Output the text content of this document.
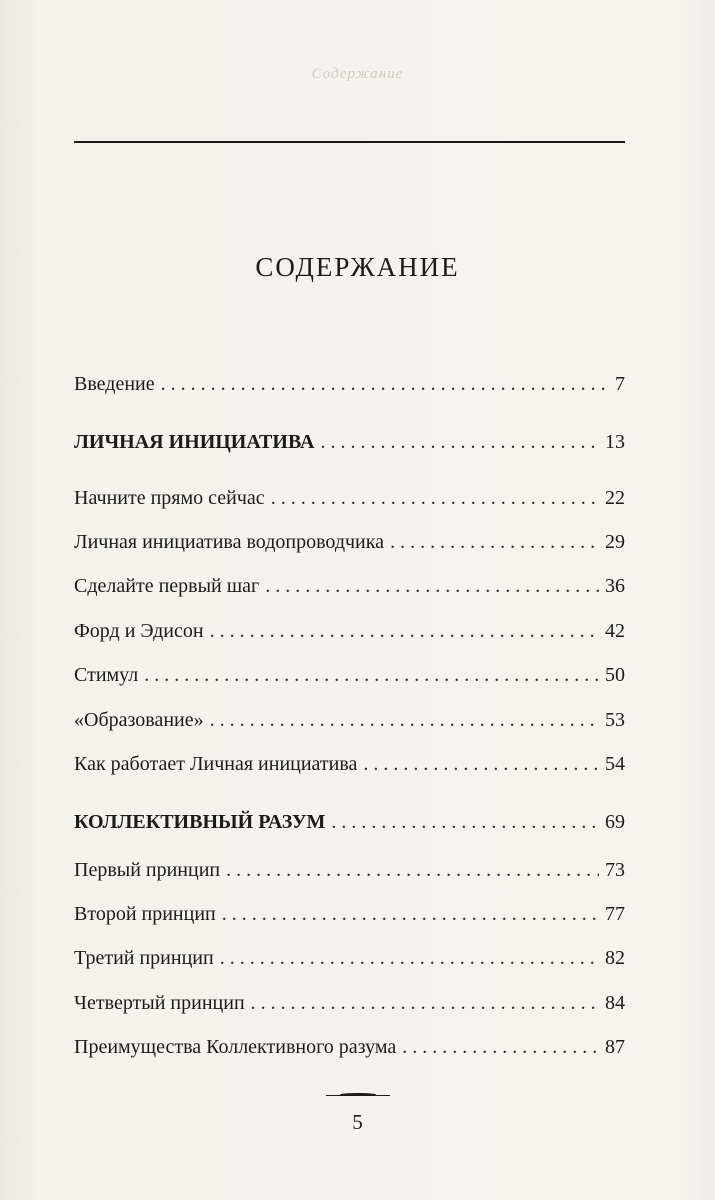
Содержание
СОДЕРЖАНИЕ
Введение . . .	7
ЛИЧНАЯ ИНИЦИАТИВА . . .	13
Начните прямо сейчас . . .	22
Личная инициатива водопроводчика . . .	29
Сделайте первый шаг . . .	36
Форд и Эдисон . . .	42
Стимул . . .	50
«Образование» . . .	53
Как работает Личная инициатива . . .	54
КОЛЛЕКТИВНЫЙ РАЗУМ . . .	69
Первый принцип . . .	73
Второй принцип . . .	77
Третий принцип . . .	82
Четвертый принцип . . .	84
Преимущества Коллективного разума . . .	87
5
